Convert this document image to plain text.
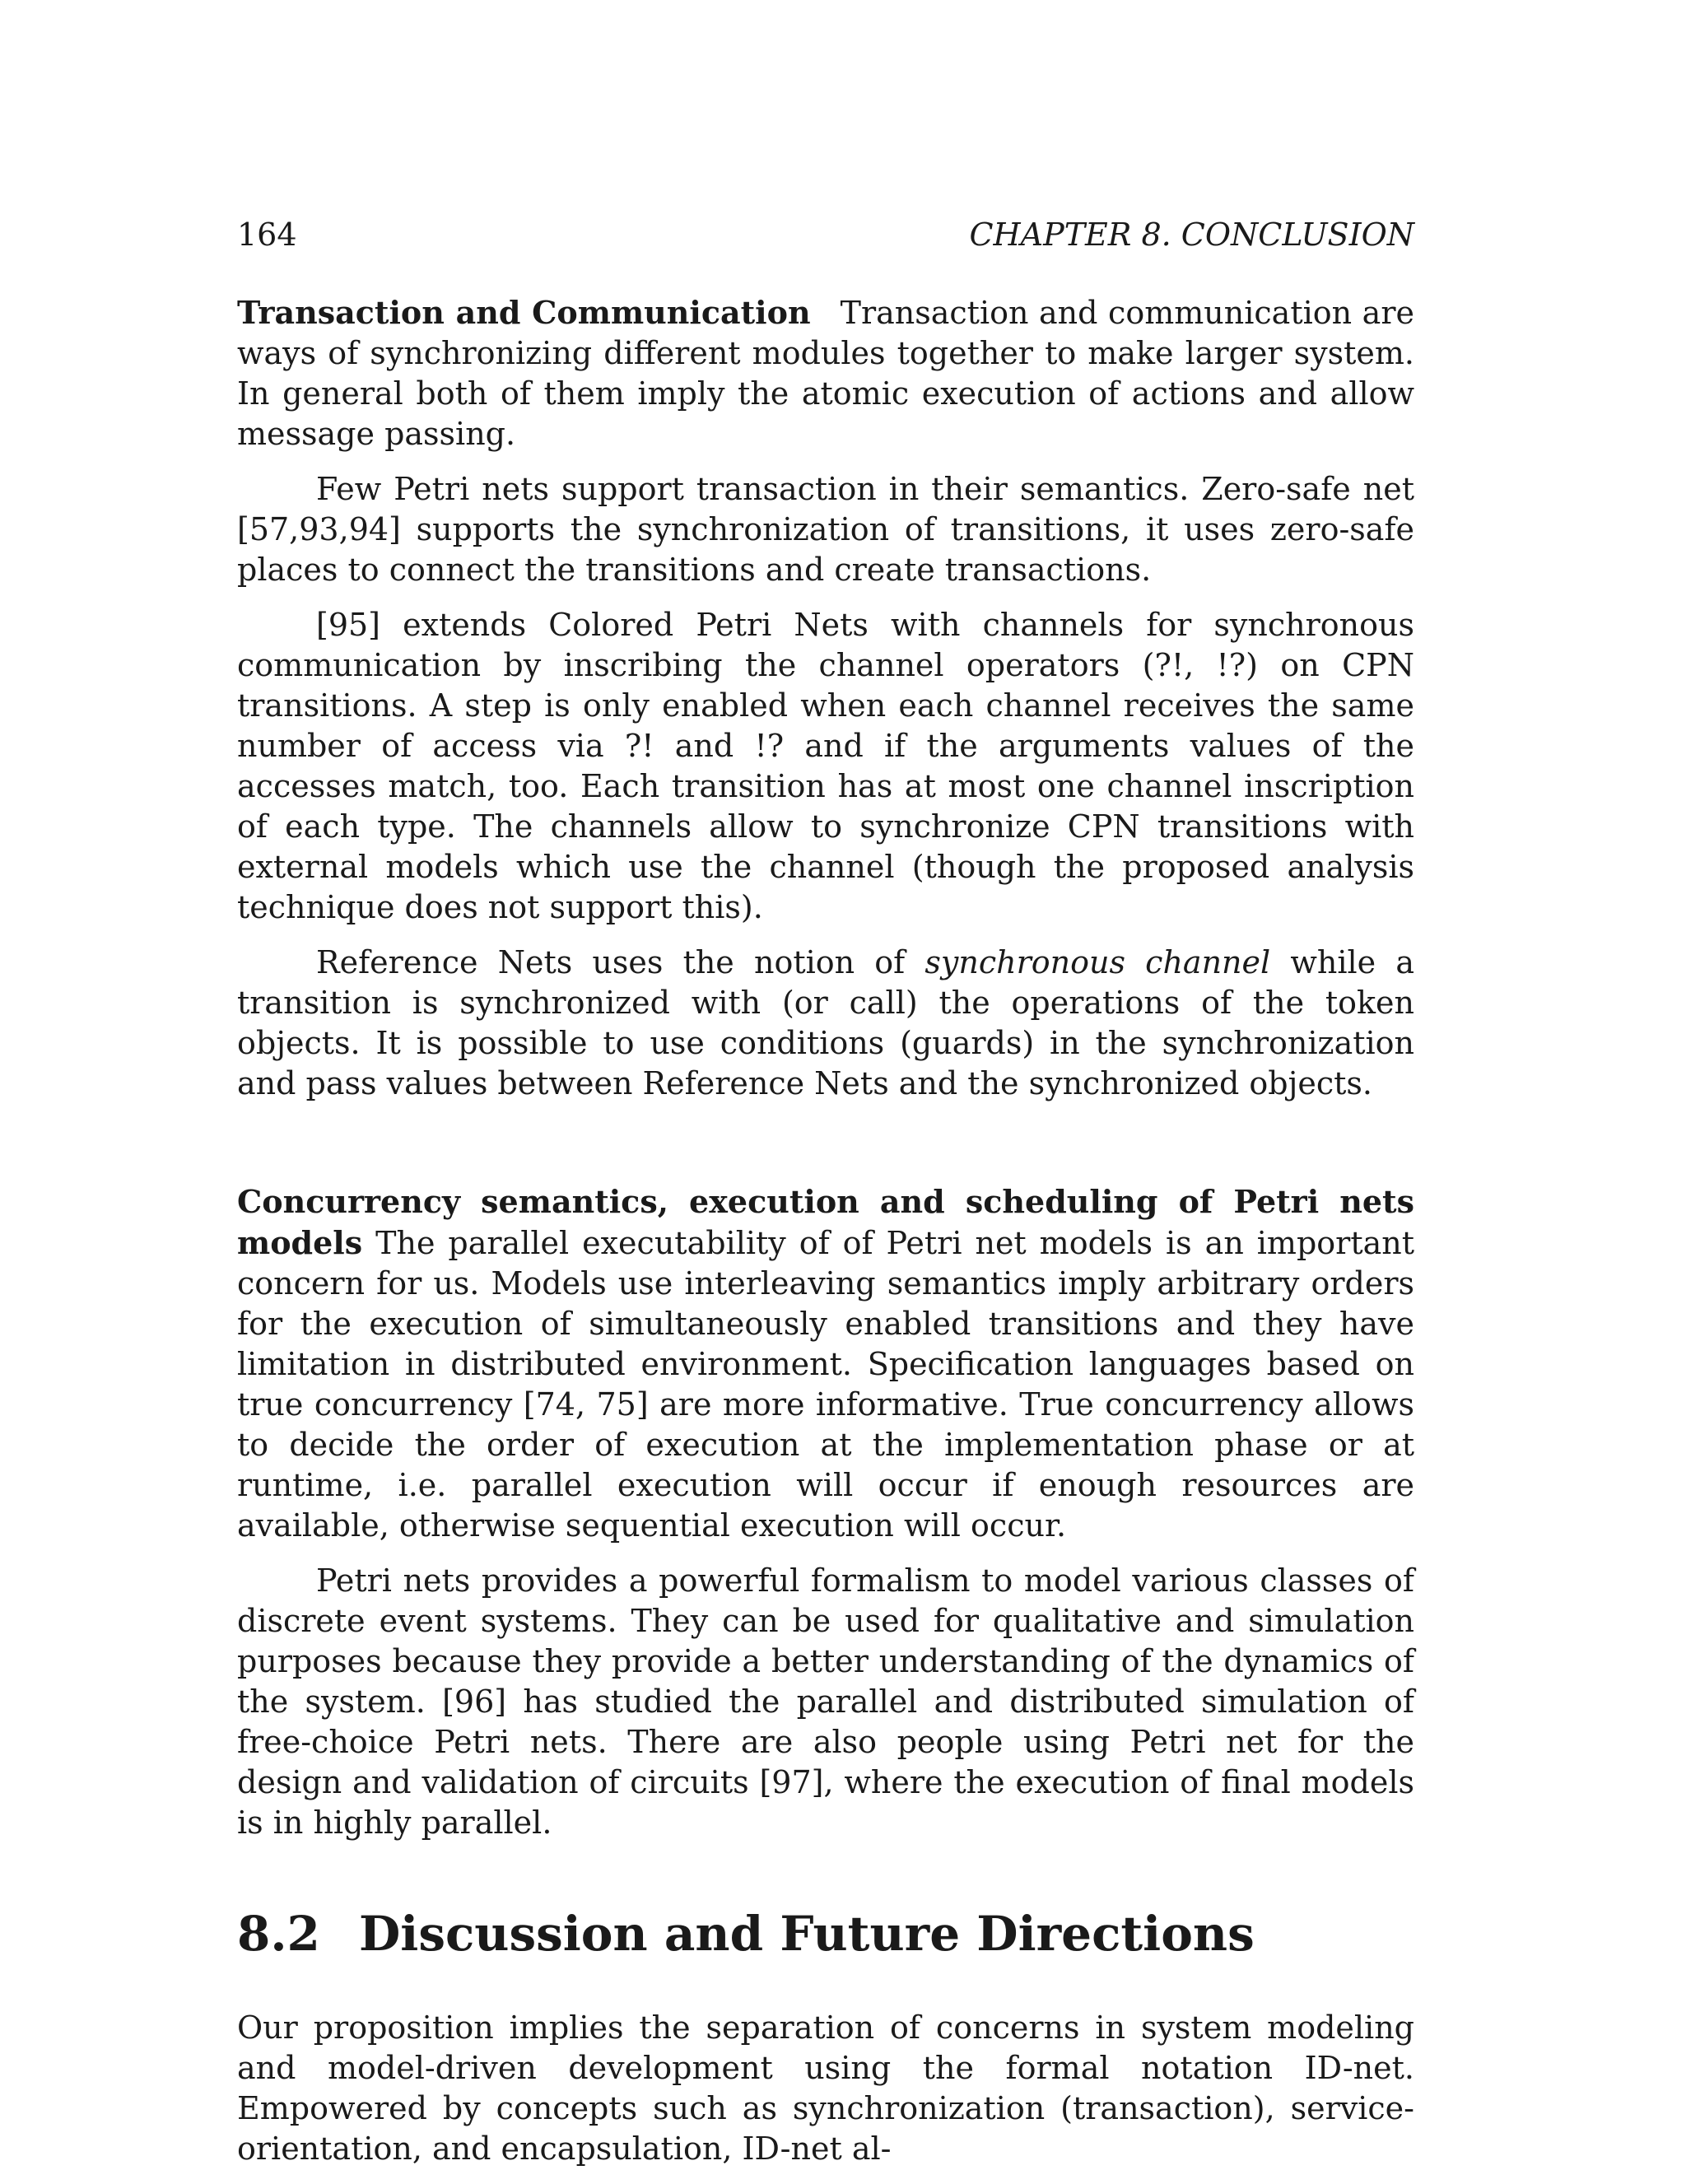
164	CHAPTER 8. CONCLUSION

Transaction and Communication Transaction and communication are ways of synchronizing different modules together to make larger system. In general both of them imply the atomic execution of actions and allow message passing.

Few Petri nets support transaction in their semantics. Zero-safe net [57,93,94] supports the synchronization of transitions, it uses zero-safe places to connect the transitions and create transactions.

[95] extends Colored Petri Nets with channels for synchronous communication by inscribing the channel operators (?!, !?) on CPN transitions. A step is only enabled when each channel receives the same number of access via ?! and !? and if the arguments values of the accesses match, too. Each transition has at most one channel inscription of each type. The channels allow to synchronize CPN transitions with external models which use the channel (though the proposed analysis technique does not support this).

Reference Nets uses the notion of synchronous channel while a transition is synchronized with (or call) the operations of the token objects. It is possible to use conditions (guards) in the synchronization and pass values between Reference Nets and the synchronized objects.

Concurrency semantics, execution and scheduling of Petri nets models The parallel executability of of Petri net models is an important concern for us. Models use interleaving semantics imply arbitrary orders for the execution of simultaneously enabled transitions and they have limitation in distributed environment. Specification languages based on true concurrency [74, 75] are more informative. True concurrency allows to decide the order of execution at the implementation phase or at runtime, i.e. parallel execution will occur if enough resources are available, otherwise sequential execution will occur.

Petri nets provides a powerful formalism to model various classes of discrete event systems. They can be used for qualitative and simulation purposes because they provide a better understanding of the dynamics of the system. [96] has studied the parallel and distributed simulation of free-choice Petri nets. There are also people using Petri net for the design and validation of circuits [97], where the execution of final models is in highly parallel.

8.2 Discussion and Future Directions

Our proposition implies the separation of concerns in system modeling and model-driven development using the formal notation ID-net. Empowered by concepts such as synchronization (transaction), service-orientation, and encapsulation, ID-net al-
